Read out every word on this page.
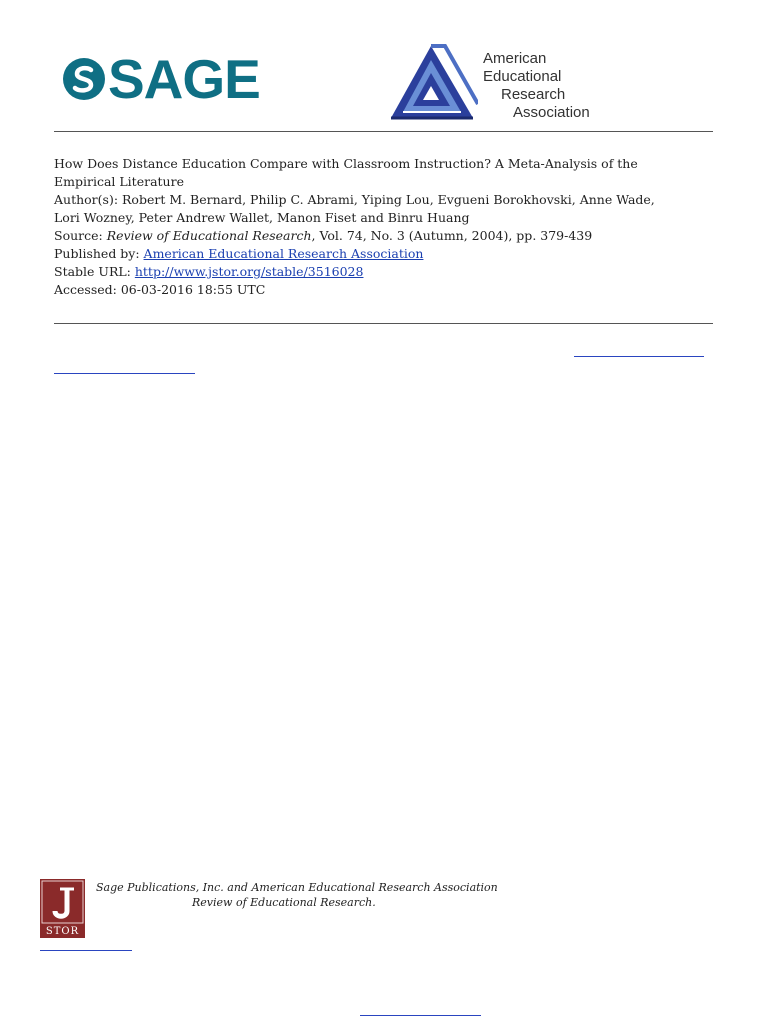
SAGE	American
Educational
Research
Association
How Does Distance Education Compare with Classroom Instruction? A Meta-Analysis of the
Empirical Literature
Author(s): Robert M. Bernard, Philip C. Abrami, Yiping Lou, Evgueni Borokhovski, Anne Wade,
Lori Wozney, Peter Andrew Wallet, Manon Fiset and Binru Huang
Source: Review of Educational Research, Vol. 74, No. 3 (Autumn, 2004), pp. 379-439
Published by: American Educational Research Association
Stable URL: http://www.jstor.org/stable/3516028
Accessed: 06-03-2016 18:55 UTC
STOR
Sage Publications, Inc. and American Educational Research Association
Review of Educational Research.
